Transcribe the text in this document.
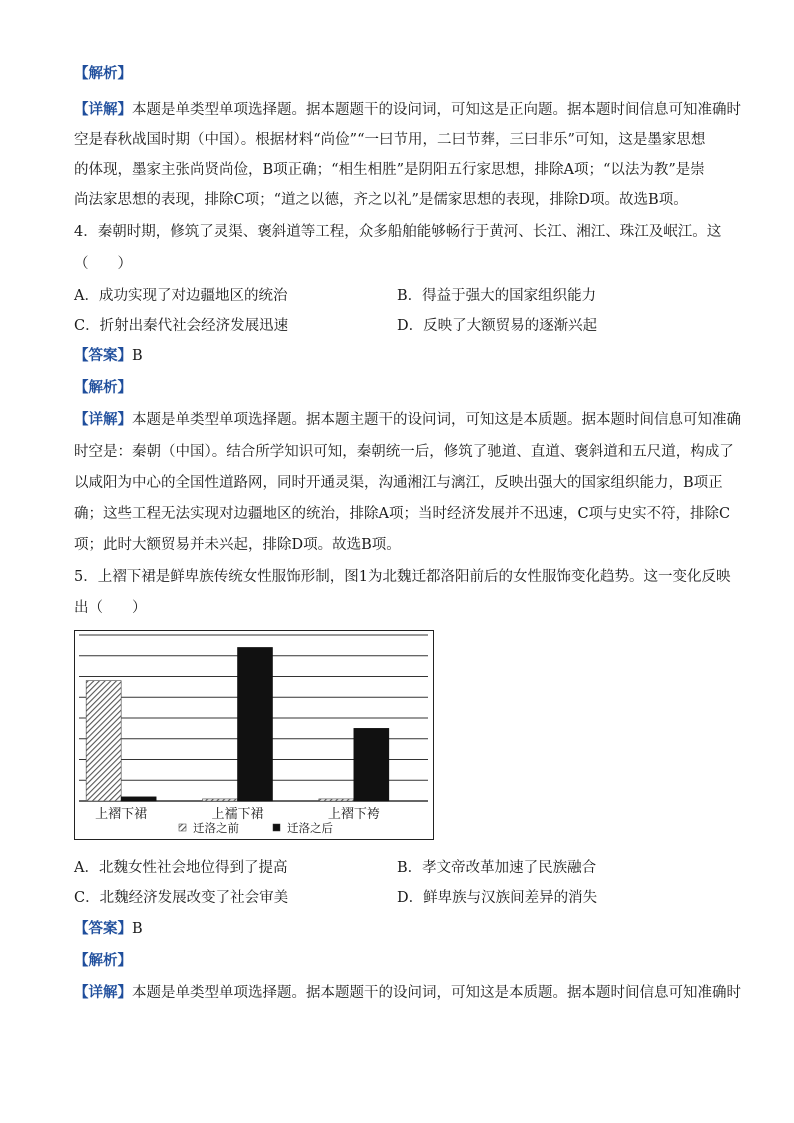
【解析】
【详解】本题是单类型单项选择题。据本题题干的设问词，可知这是正向题。据本题时间信息可知准确时
空是春秋战国时期（中国）。根据材料“尚俭”“一曰节用，二曰节葬，三曰非乐”可知，这是墨家思想
的体现，墨家主张尚贤尚俭，B项正确；“相生相胜”是阴阳五行家思想，排除A项；“以法为教”是崇
尚法家思想的表现，排除C项；“道之以德，齐之以礼”是儒家思想的表现，排除D项。故选B项。
4．秦朝时期，修筑了灵渠、褒斜道等工程，众多船舶能够畅行于黄河、长江、湘江、珠江及岷江。这
（　　）
A．成功实现了对边疆地区的统治	B．得益于强大的国家组织能力
C．折射出秦代社会经济发展迅速	D．反映了大额贸易的逐渐兴起
【答案】B
【解析】
【详解】本题是单类型单项选择题。据本题主题干的设问词，可知这是本质题。据本题时间信息可知准确
时空是：秦朝（中国）。结合所学知识可知，秦朝统一后，修筑了驰道、直道、褒斜道和五尺道，构成了
以咸阳为中心的全国性道路网，同时开通灵渠，沟通湘江与漓江，反映出强大的国家组织能力，B项正
确；这些工程无法实现对边疆地区的统治，排除A项；当时经济发展并不迅速，C项与史实不符，排除C
项；此时大额贸易并未兴起，排除D项。故选B项。
5．上褶下裙是鲜卑族传统女性服饰形制，图1为北魏迁都洛阳前后的女性服饰变化趋势。这一变化反映
出（　　）
上褶下裙	上襦下裙	上褶下袴
迁洛之前	迁洛之后
A．北魏女性社会地位得到了提高	B．孝文帝改革加速了民族融合
C．北魏经济发展改变了社会审美	D．鲜卑族与汉族间差异的消失
【答案】B
【解析】
【详解】本题是单类型单项选择题。据本题题干的设问词，可知这是本质题。据本题时间信息可知准确时
